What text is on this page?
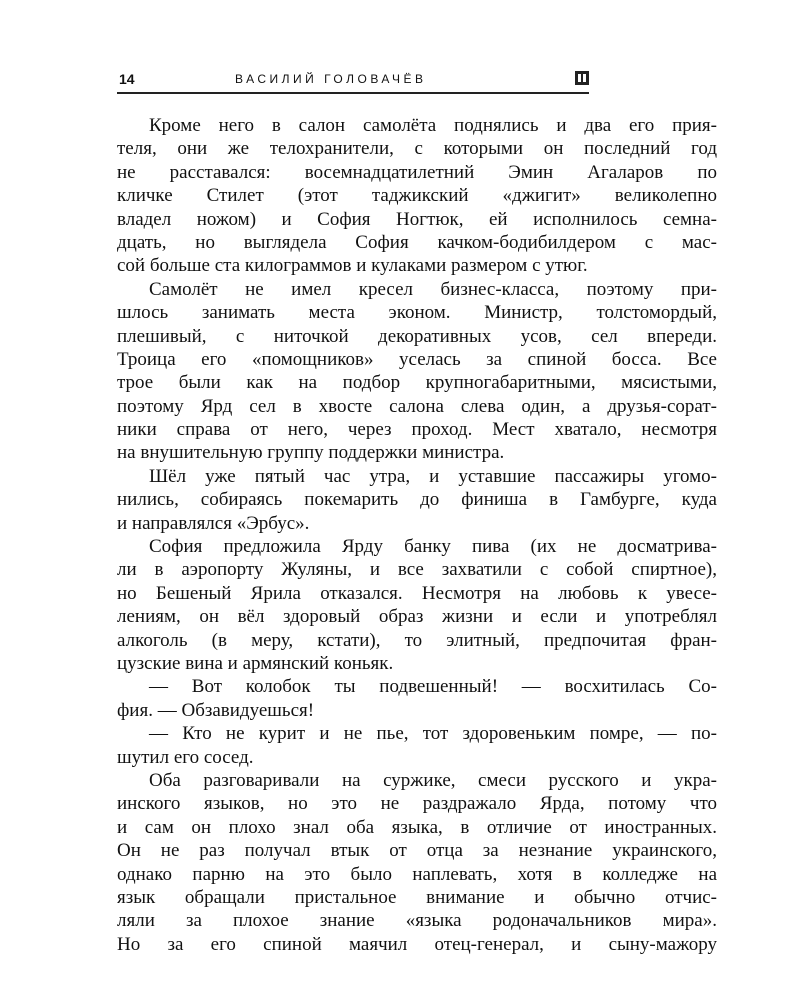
14	ВАСИЛИЙ ГОЛОВАЧЁВ
Кроме него в салон самолёта поднялись и два его прия-
теля, они же телохранители, с которыми он последний год
не расставался: восемнадцатилетний Эмин Агаларов по
кличке Стилет (этот таджикский «джигит» великолепно
владел ножом) и София Ногтюк, ей исполнилось семна-
дцать, но выглядела София качком-бодибилдером с мас-
сой больше ста килограммов и кулаками размером с утюг.
Самолёт не имел кресел бизнес-класса, поэтому при-
шлось занимать места эконом. Министр, толстомордый,
плешивый, с ниточкой декоративных усов, сел впереди.
Троица его «помощников» уселась за спиной босса. Все
трое были как на подбор крупногабаритными, мясистыми,
поэтому Ярд сел в хвосте салона слева один, а друзья-сорат-
ники справа от него, через проход. Мест хватало, несмотря
на внушительную группу поддержки министра.
Шёл уже пятый час утра, и уставшие пассажиры угомо-
нились, собираясь покемарить до финиша в Гамбурге, куда
и направлялся «Эрбус».
София предложила Ярду банку пива (их не досматрива-
ли в аэропорту Жуляны, и все захватили с собой спиртное),
но Бешеный Ярила отказался. Несмотря на любовь к увесе-
лениям, он вёл здоровый образ жизни и если и употреблял
алкоголь (в меру, кстати), то элитный, предпочитая фран-
цузские вина и армянский коньяк.
— Вот колобок ты подвешенный! — восхитилась Со-
фия. — Обзавидуешься!
— Кто не курит и не пье, тот здоровеньким помре, — по-
шутил его сосед.
Оба разговаривали на суржике, смеси русского и укра-
инского языков, но это не раздражало Ярда, потому что
и сам он плохо знал оба языка, в отличие от иностранных.
Он не раз получал втык от отца за незнание украинского,
однако парню на это было наплевать, хотя в колледже на
язык обращали пристальное внимание и обычно отчис-
ляли за плохое знание «языка родоначальников мира».
Но за его спиной маячил отец-генерал, и сыну-мажору
